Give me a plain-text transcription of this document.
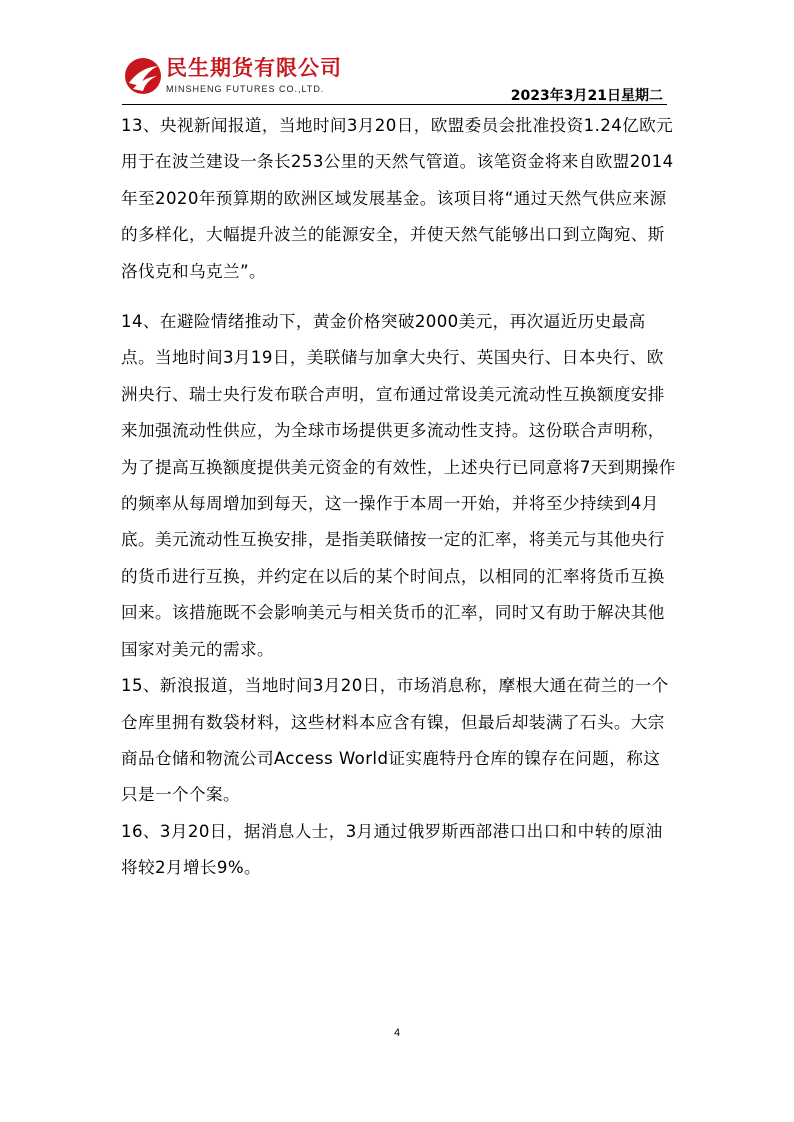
民生期货有限公司
MINSHENG FUTURES CO.,LTD.	2023年3月21日星期二

13、央视新闻报道，当地时间3月20日，欧盟委员会批准投资1.24亿欧元用于在波兰建设一条长253公里的天然气管道。该笔资金将来自欧盟2014年至2020年预算期的欧洲区域发展基金。该项目将“通过天然气供应来源的多样化，大幅提升波兰的能源安全，并使天然气能够出口到立陶宛、斯洛伐克和乌克兰”。

14、在避险情绪推动下，黄金价格突破2000美元，再次逼近历史最高点。当地时间3月19日，美联储与加拿大央行、英国央行、日本央行、欧洲央行、瑞士央行发布联合声明，宣布通过常设美元流动性互换额度安排来加强流动性供应，为全球市场提供更多流动性支持。这份联合声明称，为了提高互换额度提供美元资金的有效性，上述央行已同意将7天到期操作的频率从每周增加到每天，这一操作于本周一开始，并将至少持续到4月底。美元流动性互换安排，是指美联储按一定的汇率，将美元与其他央行的货币进行互换，并约定在以后的某个时间点，以相同的汇率将货币互换回来。该措施既不会影响美元与相关货币的汇率，同时又有助于解决其他国家对美元的需求。

15、新浪报道，当地时间3月20日，市场消息称，摩根大通在荷兰的一个仓库里拥有数袋材料，这些材料本应含有镍，但最后却装满了石头。大宗商品仓储和物流公司Access World证实鹿特丹仓库的镍存在问题，称这只是一个个案。

16、3月20日，据消息人士，3月通过俄罗斯西部港口出口和中转的原油将较2月增长9%。

4
